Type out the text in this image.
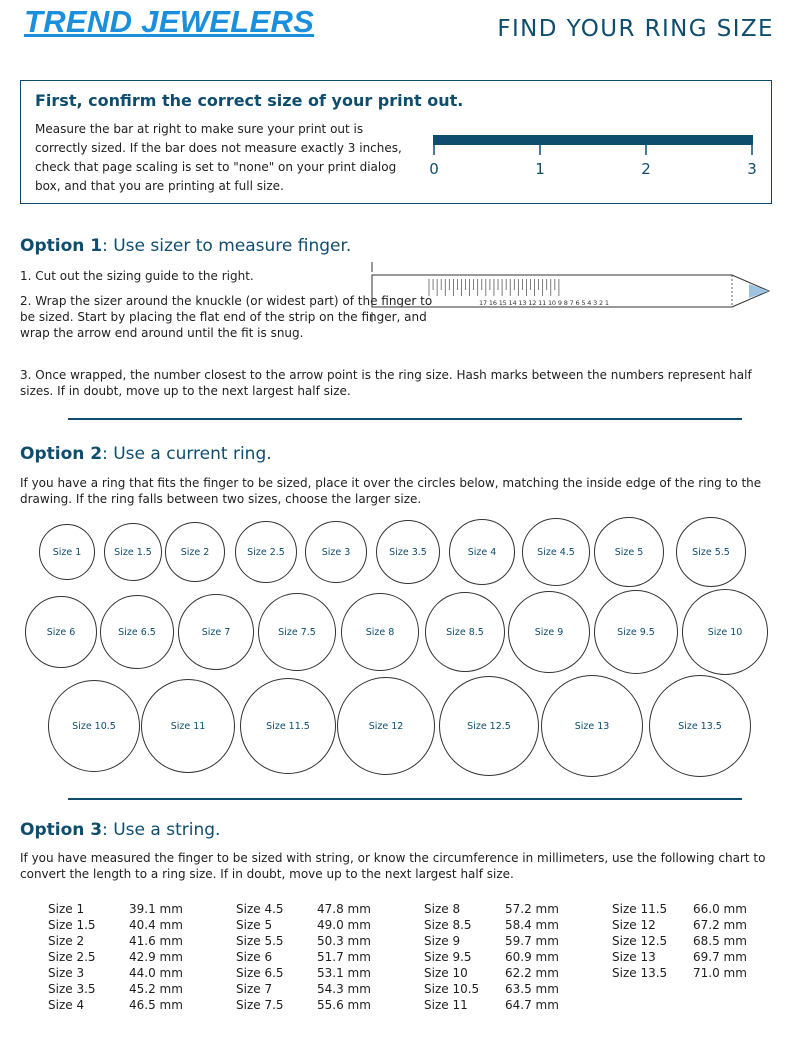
TREND JEWELERS	FIND YOUR RING SIZE
First, confirm the correct size of your print out.

Measure the bar at right to make sure your print out is correctly sized. If the bar does not measure exactly 3 inches, check that page scaling is set to "none" on your print dialog box, and that you are printing at full size.

0	1	2	3
Option 1: Use sizer to measure finger.

1. Cut out the sizing guide to the right.

2. Wrap the sizer around the knuckle (or widest part) of the finger to be sized. Start by placing the flat end of the strip on the finger, and wrap the arrow end around until the fit is snug.

3. Once wrapped, the number closest to the arrow point is the ring size. Hash marks between the numbers represent half sizes. If in doubt, move up to the next largest half size.

17 16 15 14 13 12 11 10 9 8 7 6 5 4 3 2 1
Option 2: Use a current ring.

If you have a ring that fits the finger to be sized, place it over the circles below, matching the inside edge of the ring to the drawing. If the ring falls between two sizes, choose the larger size.

Size 1	Size 1.5	Size 2	Size 2.5	Size 3	Size 3.5	Size 4	Size 4.5	Size 5	Size 5.5
Size 6	Size 6.5	Size 7	Size 7.5	Size 8	Size 8.5	Size 9	Size 9.5	Size 10
Size 10.5	Size 11	Size 11.5	Size 12	Size 12.5	Size 13	Size 13.5
Option 3: Use a string.

If you have measured the finger to be sized with string, or know the circumference in millimeters, use the following chart to convert the length to a ring size. If in doubt, move up to the next largest half size.

Size 1	39.1 mm
Size 1.5	40.4 mm
Size 2	41.6 mm
Size 2.5	42.9 mm
Size 3	44.0 mm
Size 3.5	45.2 mm
Size 4	46.5 mm
Size 4.5	47.8 mm
Size 5	49.0 mm
Size 5.5	50.3 mm
Size 6	51.7 mm
Size 6.5	53.1 mm
Size 7	54.3 mm
Size 7.5	55.6 mm
Size 8	57.2 mm
Size 8.5	58.4 mm
Size 9	59.7 mm
Size 9.5	60.9 mm
Size 10	62.2 mm
Size 10.5 63.5 mm
Size 11	64.7 mm
Size 11.5 66.0 mm
Size 12	67.2 mm
Size 12.5 68.5 mm
Size 13	69.7 mm
Size 13.5 71.0 mm
